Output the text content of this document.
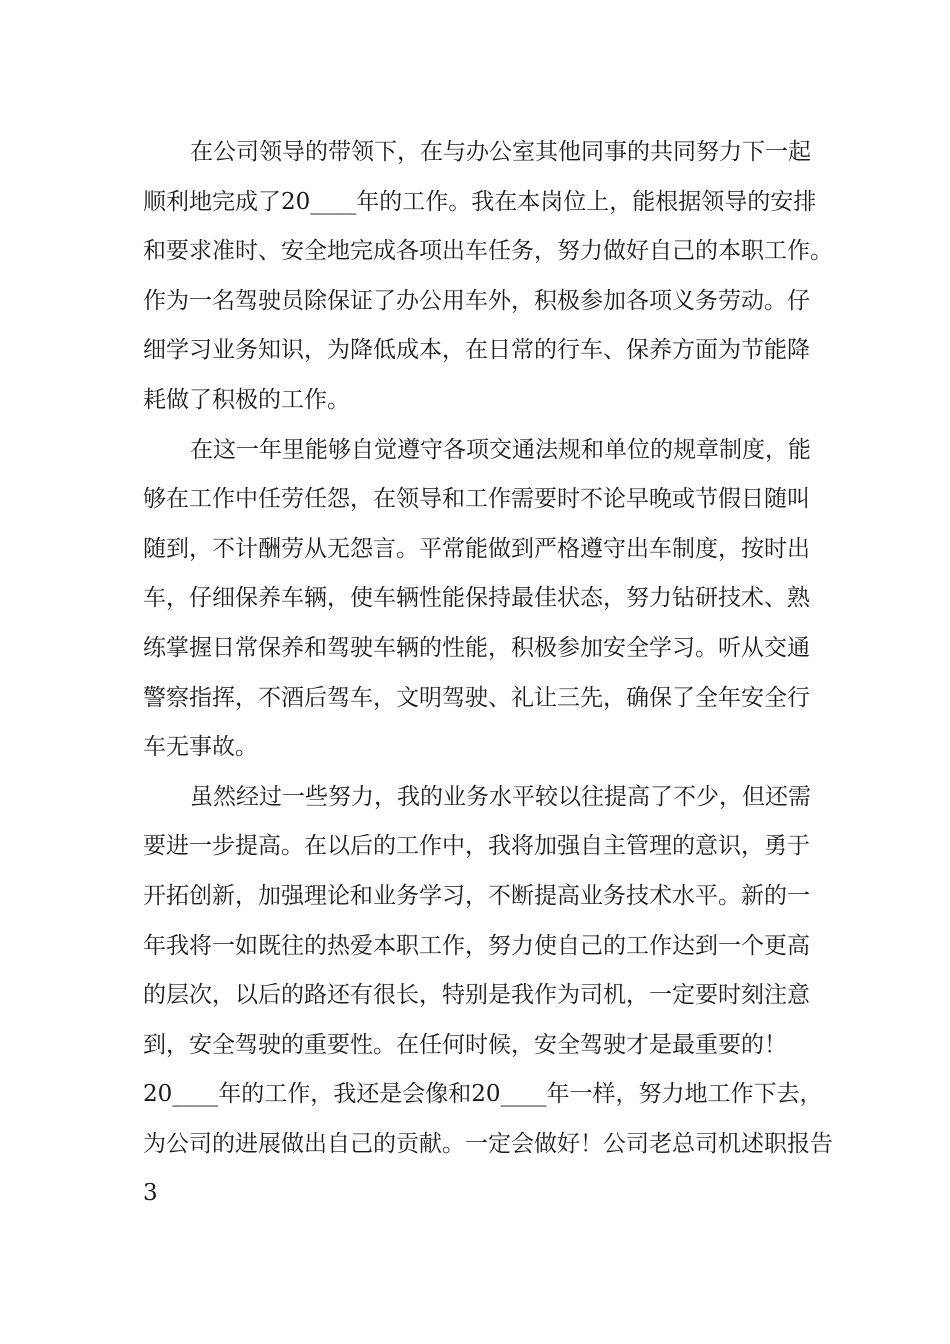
在公司领导的带领下，在与办公室其他同事的共同努力下一起
顺利地完成了20____年的工作。我在本岗位上，能根据领导的安排
和要求准时、安全地完成各项出车任务，努力做好自己的本职工作。
作为一名驾驶员除保证了办公用车外，积极参加各项义务劳动。仔
细学习业务知识，为降低成本，在日常的行车、保养方面为节能降
耗做了积极的工作。
在这一年里能够自觉遵守各项交通法规和单位的规章制度，能
够在工作中任劳任怨，在领导和工作需要时不论早晚或节假日随叫
随到，不计酬劳从无怨言。平常能做到严格遵守出车制度，按时出
车，仔细保养车辆，使车辆性能保持最佳状态，努力钻研技术、熟
练掌握日常保养和驾驶车辆的性能，积极参加安全学习。听从交通
警察指挥，不酒后驾车，文明驾驶、礼让三先，确保了全年安全行
车无事故。
虽然经过一些努力，我的业务水平较以往提高了不少，但还需
要进一步提高。在以后的工作中，我将加强自主管理的意识，勇于
开拓创新，加强理论和业务学习，不断提高业务技术水平。新的一
年我将一如既往的热爱本职工作，努力使自己的工作达到一个更高
的层次，以后的路还有很长，特别是我作为司机，一定要时刻注意
到，安全驾驶的重要性。在任何时候，安全驾驶才是最重要的！
20____年的工作，我还是会像和20____年一样，努力地工作下去，
为公司的进展做出自己的贡献。一定会做好！公司老总司机述职报告
3
